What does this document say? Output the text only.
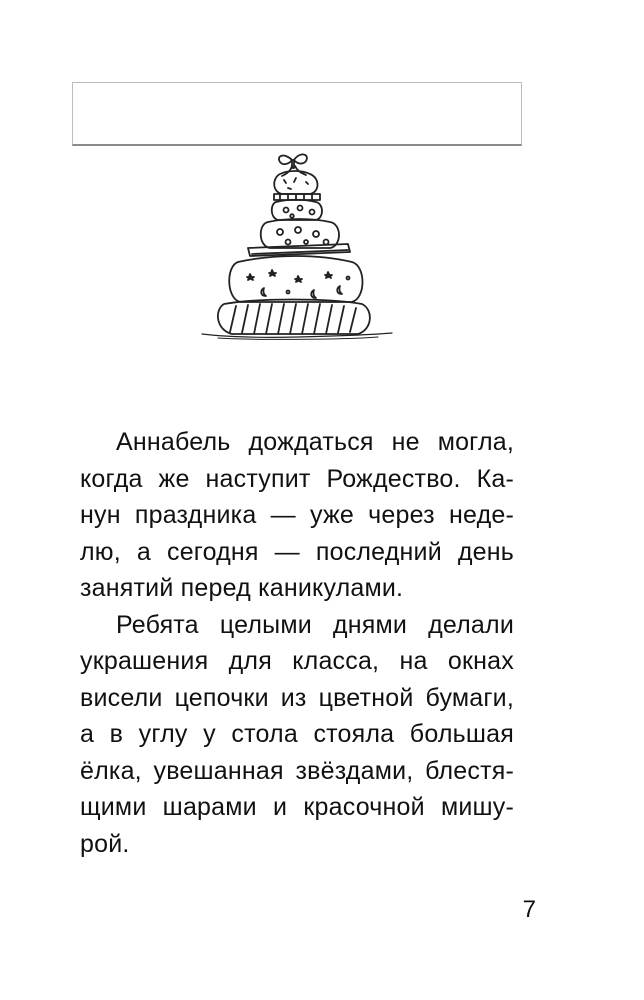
Аннабель дождаться не могла,
когда же наступит Рождество. Ка-
нун праздника — уже через неде-
лю, а сегодня — последний день
занятий перед каникулами.

Ребята целыми днями делали
украшения для класса, на окнах
висели цепочки из цветной бумаги,
а в углу у стола стояла большая
ёлка, увешанная звёздами, блестя-
щими шарами и красочной мишу-
рой.

7
